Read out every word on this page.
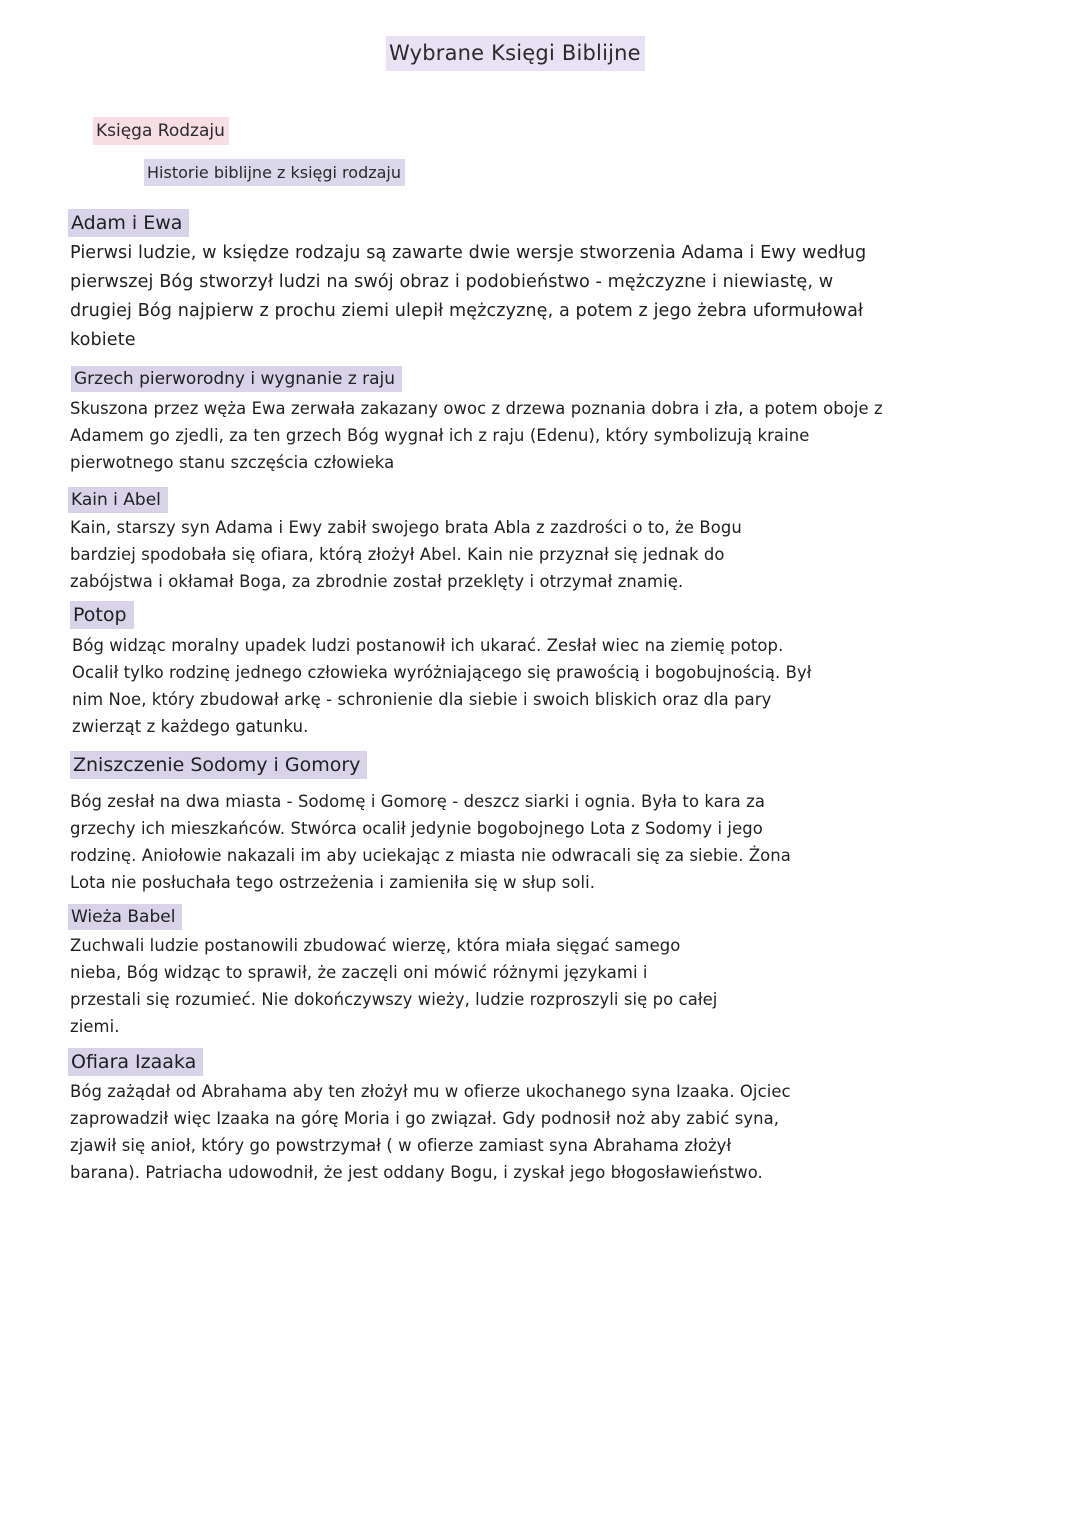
Wybrane Księgi Biblijne
Księga Rodzaju
Historie biblijne z księgi rodzaju
Adam i Ewa
Pierwsi ludzie, w księdze rodzaju są zawarte dwie wersje stworzenia Adama i Ewy według
pierwszej Bóg stworzył ludzi na swój obraz i podobieństwo - mężczyzne i niewiastę, w
drugiej Bóg najpierw z prochu ziemi ulepił mężczyznę, a potem z jego żebra uformułował
kobiete
Grzech pierworodny i wygnanie z raju
Skuszona przez węża Ewa zerwała zakazany owoc z drzewa poznania dobra i zła, a potem oboje z
Adamem go zjedli, za ten grzech Bóg wygnał ich z raju (Edenu), który symbolizują kraine
pierwotnego stanu szczęścia człowieka
Kain i Abel
Kain, starszy syn Adama i Ewy zabił swojego brata Abla z zazdrości o to, że Bogu
bardziej spodobała się ofiara, którą złożył Abel. Kain nie przyznał się jednak do
zabójstwa i okłamał Boga, za zbrodnie został przeklęty i otrzymał znamię.
Potop
Bóg widząc moralny upadek ludzi postanowił ich ukarać. Zesłał wiec na ziemię potop.
Ocalił tylko rodzinę jednego człowieka wyróżniającego się prawością i bogobujnością. Był
nim Noe, który zbudował arkę - schronienie dla siebie i swoich bliskich oraz dla pary
zwierząt z każdego gatunku.
Zniszczenie Sodomy i Gomory
Bóg zesłał na dwa miasta - Sodomę i Gomorę - deszcz siarki i ognia. Była to kara za
grzechy ich mieszkańców. Stwórca ocalił jedynie bogobojnego Lota z Sodomy i jego
rodzinę. Aniołowie nakazali im aby uciekając z miasta nie odwracali się za siebie. Żona
Lota nie posłuchała tego ostrzeżenia i zamieniła się w słup soli.
Wieża Babel
Zuchwali ludzie postanowili zbudować wierzę, która miała sięgać samego
nieba, Bóg widząc to sprawił, że zaczęli oni mówić różnymi językami i
przestali się rozumieć. Nie dokończywszy wieży, ludzie rozproszyli się po całej
ziemi.
Ofiara Izaaka
Bóg zażądał od Abrahama aby ten złożył mu w ofierze ukochanego syna Izaaka. Ojciec
zaprowadził więc Izaaka na górę Moria i go związał. Gdy podnosił noż aby zabić syna,
zjawił się anioł, który go powstrzymał ( w ofierze zamiast syna Abrahama złożył
barana). Patriacha udowodnił, że jest oddany Bogu, i zyskał jego błogosławieństwo.
